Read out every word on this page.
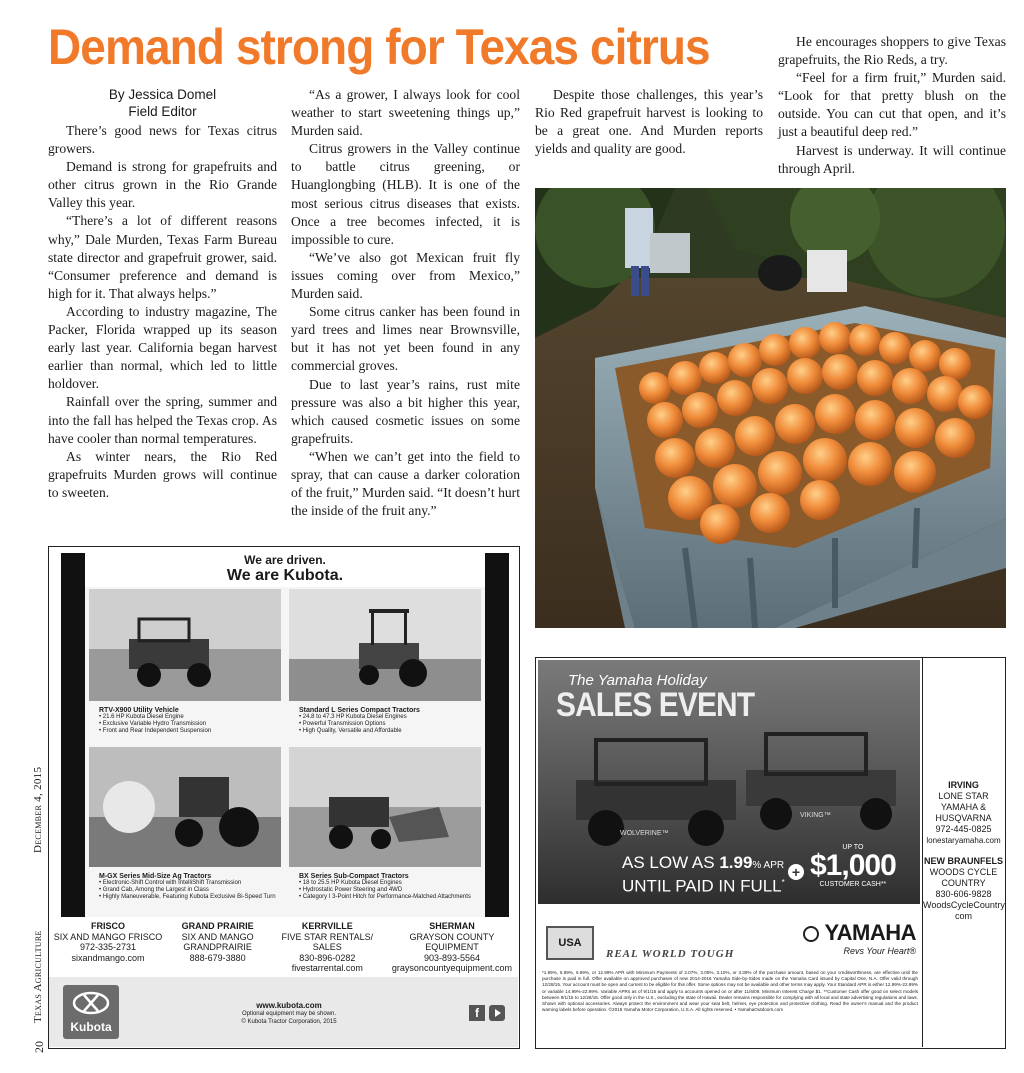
Demand strong for Texas citrus
By Jessica Domel
Field Editor

There’s good news for Texas citrus growers.

Demand is strong for grapefruits and other citrus grown in the Rio Grande Valley this year.

“There’s a lot of different reasons why,” Dale Murden, Texas Farm Bureau state director and grapefruit grower, said. “Consumer preference and demand is high for it. That always helps.”

According to industry magazine, The Packer, Florida wrapped up its season early last year. California began harvest earlier than normal, which led to little holdover.

Rainfall over the spring, summer and into the fall has helped the Texas crop. As have cooler than normal temperatures.

As winter nears, the Rio Red grapefruits Murden grows will continue to sweeten.

“As a grower, I always look for cool weather to start sweetening things up,” Murden said.

Citrus growers in the Valley continue to battle citrus greening, or Huanglongbing (HLB). It is one of the most serious citrus diseases that exists. Once a tree becomes infected, it is impossible to cure.

“We’ve also got Mexican fruit fly issues coming over from Mexico,” Murden said.

Some citrus canker has been found in yard trees and limes near Brownsville, but it has not yet been found in any commercial groves.

Due to last year’s rains, rust mite pressure was also a bit higher this year, which caused cosmetic issues on some grapefruits.

“When we can’t get into the field to spray, that can cause a darker coloration of the fruit,” Murden said. “It doesn’t hurt the inside of the fruit any.”

Despite those challenges, this year’s Rio Red grapefruit harvest is looking to be a great one. And Murden reports yields and quality are good.

He encourages shoppers to give Texas grapefruits, the Rio Reds, a try.

“Feel for a firm fruit,” Murden said. “Look for that pretty blush on the outside. You can cut that open, and it’s just a beautiful deep red.”

Harvest is underway. It will continue through April.

We are driven.
We are Kubota.
RTV-X900 Utility Vehicle
• 21.6 HP Kubota Diesel Engine
• Exclusive Variable Hydro Transmission
• Front and Rear Independent Suspension
Standard L Series Compact Tractors
• 24.8 to 47.3 HP Kubota Diesel Engines
• Powerful Transmission Options
• High Quality, Versatile and Affordable
M-GX Series Mid-Size Ag Tractors
• Electronic-Shift Control with IntelliShift Transmission
• Grand Cab, Among the Largest in Class
• Highly Maneuverable, Featuring Kubota Exclusive Bi-Speed Turn
BX Series Sub-Compact Tractors
• 18 to 25.5 HP Kubota Diesel Engines
• Hydrostatic Power Steering and 4WD
• Category I 3-Point Hitch for Performance-Matched Attachments
FRISCO
SIX AND MANGO FRISCO
972-335-2731
sixandmango.com
GRAND PRAIRIE
SIX AND MANGO
GRANDPRAIRIE
888-679-3880
KERRVILLE
FIVE STAR RENTALS/
SALES
830-896-0282
fivestarrental.com
SHERMAN
GRAYSON COUNTY
EQUIPMENT
903-893-5564
graysoncountyequipment.com
Kubota
www.kubota.com
Optional equipment may be shown.
© Kubota Tractor Corporation, 2015
f
20
Texas Agriculture
December 4, 2015
The Yamaha Holiday
SALES EVENT
WOLVERINE™
VIKING™
AS LOW AS 1.99% APR
UNTIL PAID IN FULL*
+
UP TO
$1,000
CUSTOMER CASH**
IRVING
LONE STAR
YAMAHA &
HUSQVARNA
972-445-0825
lonestaryamaha.com
NEW BRAUNFELS
WOODS CYCLE
COUNTRY
830-606-9828
WoodsCycleCountry.
com
USA
REAL WORLD TOUGH
YAMAHA
Revs Your Heart®
*1.99%, 5.99%, 6.99%, or 12.99% APR with Minimum Payments of 2.07%, 3.05%, 3.10%, or 3.39% of the purchase amount, based on your creditworthiness, are effective until the purchase is paid in full. Offer available on approved purchases of new 2014-2016 Yamaha Side-by-Sides made on the Yamaha Card issued by Capital One, N.A. Offer valid through 12/28/15. Your account must be open and current to be eligible for this offer. Some options may not be available and other terms may apply. Your Standard APR is either 12.99%-22.99% or variable 14.99%-22.99%. Variable APRs as of 9/1/15 and apply to accounts opened on or after 11/6/09. Minimum Interest Charge $1. **Customer Cash offer good on select models between 9/1/15 to 12/28/15. Offer good only in the U.S., excluding the state of Hawaii. Dealer remains responsible for complying with all local and state advertising regulations and laws. Shown with optional accessories. Always protect the environment and wear your seat belt, helmet, eye protection and protective clothing. Read the owner’s manual and the product warning labels before operation. ©2015 Yamaha Motor Corporation, U.S.A. All rights reserved. • YamahaOutdoors.com
